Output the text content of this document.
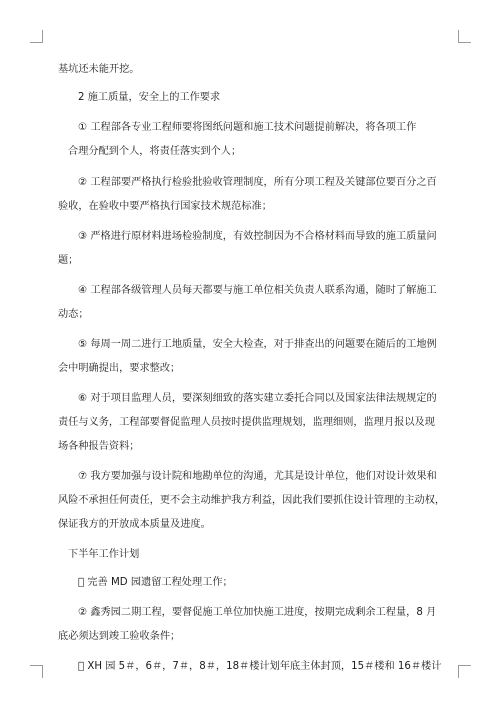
基坑还未能开挖。
2 施工质量，安全上的工作要求
① 工程部各专业工程师要将图纸问题和施工技术问题提前解决，将各项工作
合理分配到个人，将责任落实到个人；
② 工程部要严格执行检验批验收管理制度，所有分项工程及关键部位要百分之百
验收，在验收中要严格执行国家技术规范标准；
③ 严格进行原材料进场检验制度，有效控制因为不合格材料而导致的施工质量问
题；
④ 工程部各级管理人员每天都要与施工单位相关负责人联系沟通，随时了解施工
动态；
⑤ 每周一周二进行工地质量，安全大检查，对于排查出的问题要在随后的工地例
会中明确提出，要求整改；
⑥ 对于项目监理人员，要深刻细致的落实建立委托合同以及国家法律法规规定的
责任与义务，工程部要督促监理人员按时提供监理规划，监理细则，监理月报以及现
场各种报告资料；
⑦ 我方要加强与设计院和地勘单位的沟通，尤其是设计单位，他们对设计效果和
风险不承担任何责任，更不会主动维护我方利益，因此我们要抓住设计管理的主动权，
保证我方的开放成本质量及进度。
下半年工作计划
󰃠 完善 MD 园遗留工程处理工作；
② 鑫秀园二期工程，要督促施工单位加快施工进度，按期完成剩余工程量，8 月
底必须达到竣工验收条件；
󰃠 XH 园 5＃，6＃，7＃，8＃，18＃楼计划年底主体封顶，15＃楼和 16＃楼计
